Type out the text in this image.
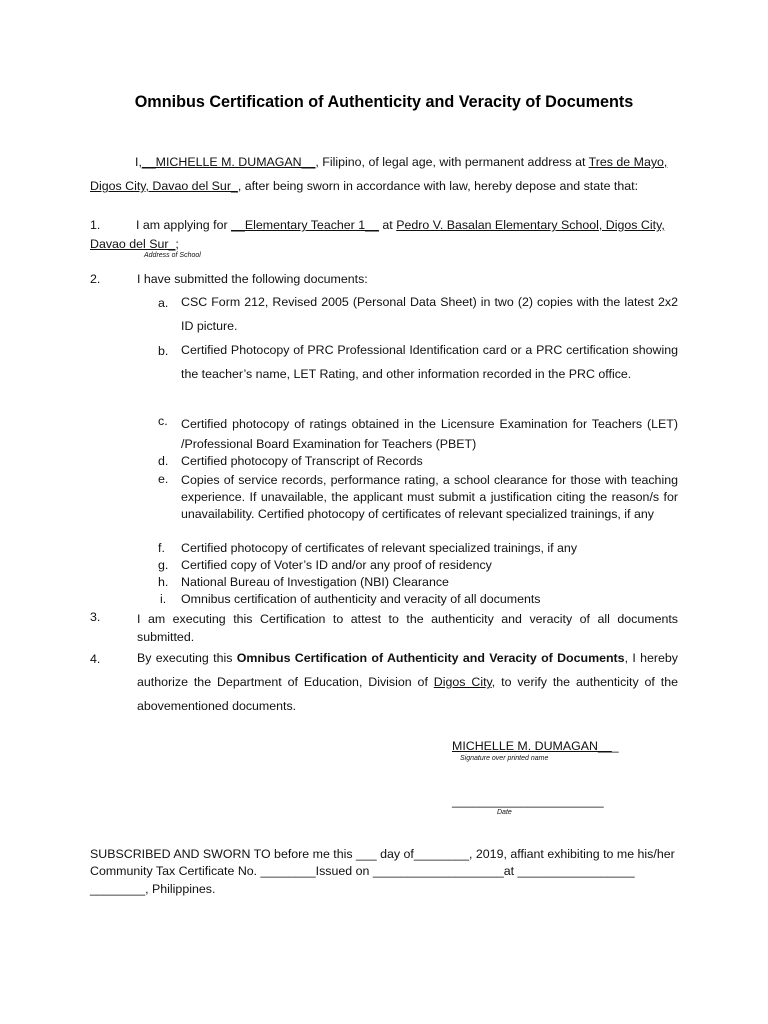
Omnibus Certification of Authenticity and Veracity of Documents
I,__MICHELLE M. DUMAGAN__, Filipino, of legal age, with permanent address at Tres de Mayo,
Digos City, Davao del Sur_, after being sworn in accordance with law, hereby depose and state that:
1.	I am applying for __Elementary Teacher 1__ at Pedro V. Basalan Elementary School, Digos City,
Davao del Sur_;
Address of School
2.	I have submitted the following documents:
a. CSC Form 212, Revised 2005 (Personal Data Sheet) in two (2) copies with the latest 2x2 ID picture.
b. Certified Photocopy of PRC Professional Identification card or a PRC certification showing the teacher’s name, LET Rating, and other information recorded in the PRC office.
c. Certified photocopy of ratings obtained in the Licensure Examination for Teachers (LET) /Professional Board Examination for Teachers (PBET)
d. Certified photocopy of Transcript of Records
e. Copies of service records, performance rating, a school clearance for those with teaching experience. If unavailable, the applicant must submit a justification citing the reason/s for unavailability. Certified photocopy of certificates of relevant specialized trainings, if any
f. Certified photocopy of certificates of relevant specialized trainings, if any
g. Certified copy of Voter’s ID and/or any proof of residency
h. National Bureau of Investigation (NBI) Clearance
i. Omnibus certification of authenticity and veracity of all documents
3.	I am executing this Certification to attest to the authenticity and veracity of all documents submitted.
4.	By executing this Omnibus Certification of Authenticity and Veracity of Documents, I hereby authorize the Department of Education, Division of Digos City, to verify the authenticity of the abovementioned documents.
MICHELLE M. DUMAGAN___
Signature over printed name
______________________
Date
SUBSCRIBED AND SWORN TO before me this ___ day of________, 2019, affiant exhibiting to me his/her
Community Tax Certificate No. ________Issued on ___________________at _________________
________, Philippines.
